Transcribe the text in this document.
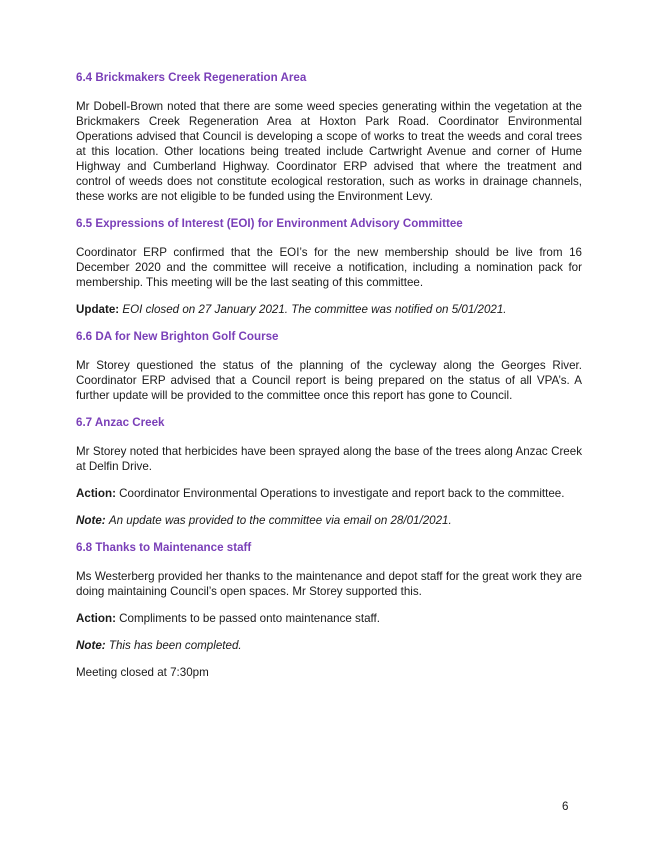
6.4 Brickmakers Creek Regeneration Area

Mr Dobell-Brown noted that there are some weed species generating within the vegetation at the Brickmakers Creek Regeneration Area at Hoxton Park Road. Coordinator Environmental Operations advised that Council is developing a scope of works to treat the weeds and coral trees at this location. Other locations being treated include Cartwright Avenue and corner of Hume Highway and Cumberland Highway. Coordinator ERP advised that where the treatment and control of weeds does not constitute ecological restoration, such as works in drainage channels, these works are not eligible to be funded using the Environment Levy.

6.5 Expressions of Interest (EOI) for Environment Advisory Committee

Coordinator ERP confirmed that the EOI’s for the new membership should be live from 16 December 2020 and the committee will receive a notification, including a nomination pack for membership. This meeting will be the last seating of this committee.

Update: EOI closed on 27 January 2021. The committee was notified on 5/01/2021.

6.6 DA for New Brighton Golf Course

Mr Storey questioned the status of the planning of the cycleway along the Georges River. Coordinator ERP advised that a Council report is being prepared on the status of all VPA’s. A further update will be provided to the committee once this report has gone to Council.

6.7 Anzac Creek

Mr Storey noted that herbicides have been sprayed along the base of the trees along Anzac Creek at Delfin Drive.

Action: Coordinator Environmental Operations to investigate and report back to the committee.

Note: An update was provided to the committee via email on 28/01/2021.

6.8 Thanks to Maintenance staff

Ms Westerberg provided her thanks to the maintenance and depot staff for the great work they are doing maintaining Council’s open spaces. Mr Storey supported this.

Action: Compliments to be passed onto maintenance staff.

Note: This has been completed.

Meeting closed at 7:30pm

6
